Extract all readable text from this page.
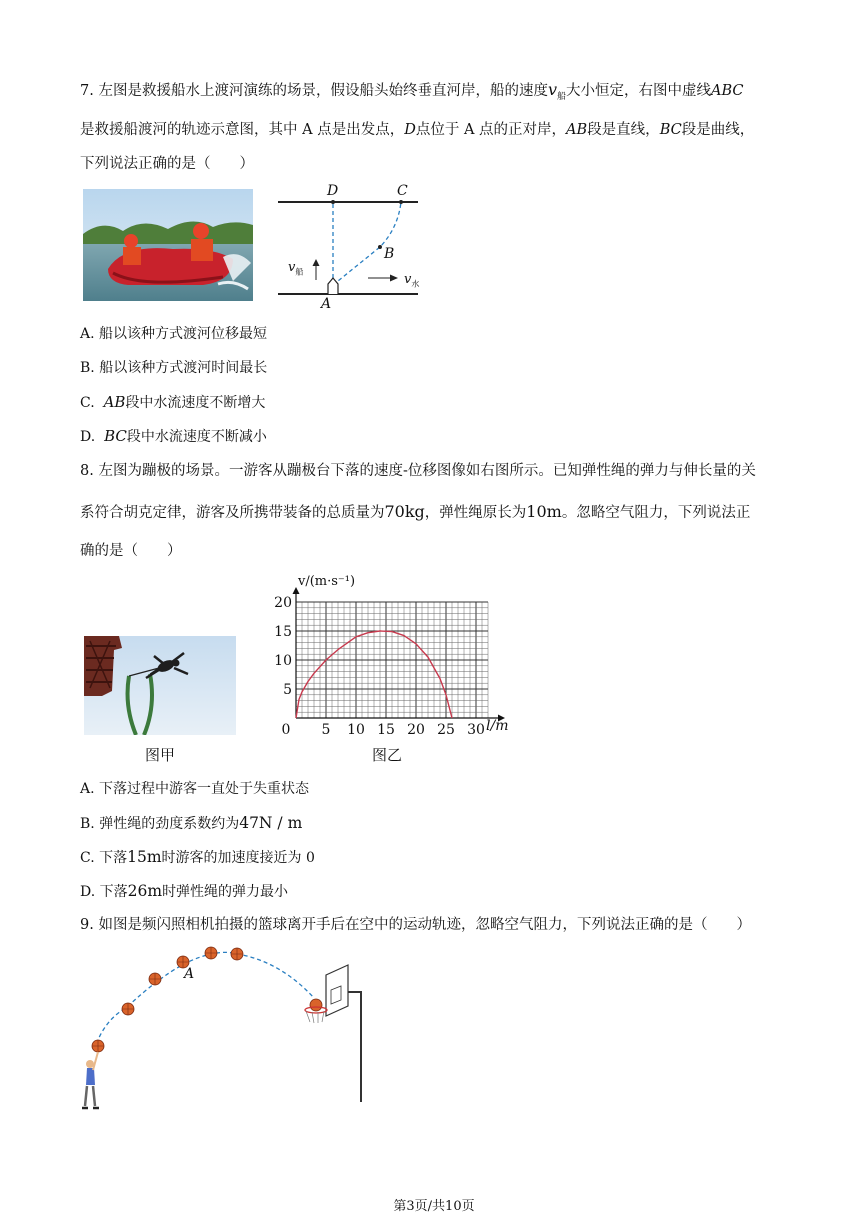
7. 左图是救援船水上渡河演练的场景，假设船头始终垂直河岸，船的速度$v_船$大小恒定，右图中虚线ABC
是救援船渡河的轨迹示意图，其中 A 点是出发点，D点位于 A 点的正对岸，AB段是直线，BC段是曲线，
下列说法正确的是（　　）
D	C
B
A
$v_船$	$v_水$
A. 船以该种方式渡河位移最短
B. 船以该种方式渡河时间最长
C. AB段中水流速度不断增大
D. BC段中水流速度不断减小
8. 左图为蹦极的场景。一游客从蹦极台下落的速度-位移图像如右图所示。已知弹性绳的弹力与伸长量的关
系符合胡克定律，游客及所携带装备的总质量为70kg，弹性绳原长为10m。忽略空气阻力，下列说法正
确的是（　　）
图甲
0 5 10 15 20 25 30
5
10
15
20
v/(m·s⁻¹)
l/m
图乙
A. 下落过程中游客一直处于失重状态
B. 弹性绳的劲度系数约为47N / m
C. 下落15m时游客的加速度接近为 0
D. 下落26m时弹性绳的弹力最小
9. 如图是频闪照相机拍摄的篮球离开手后在空中的运动轨迹，忽略空气阻力，下列说法正确的是（　　）
A
第3页/共10页
